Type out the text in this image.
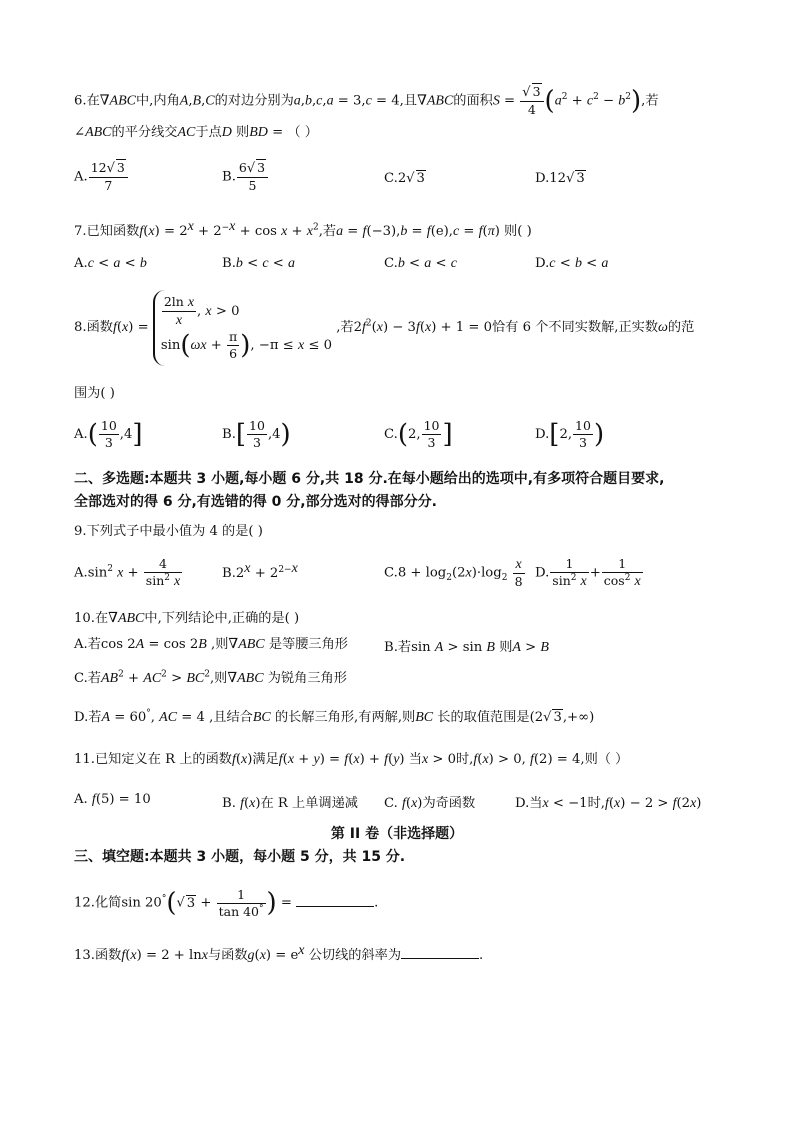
6.在∇ABC中,内角A,B,C的对边分别为a,b,c,a = 3,c = 4,且∇ABC的面积$S = \frac{√ 3}{4} (a^2 + c^2 - b^2)$,若
∠ABC的平分线交AC于点D 则BD = （ ）
A. $\frac{12√ 3}{7}$	B. $\frac{6√ 3}{5}$	C.2√ 3	D.12√ 3
7.已知函数$f(x) = 2^x + 2^{-x} + \cos x + x^2$,若a = f(−3),b = f(e),c = f(π) 则( )
A.c < a < b	B.b < c < a	C.b < a < c	D.c < b < a
8.函数$f(x) = \frac{\text{2ln x}}{x}$ , x > 0
$\sin(\omega x + \frac{\pi}{6}$ ), −π ≤ x ≤ 0
,若$2f^2(x) - 3f(x) + 1 = 0$恰有 6 个不同实数解,正实数ω的范
围为( )
$A.( \frac{10}{3} ,4]$	$B.[ \frac{10}{3} ,4)$	C.(2, $\frac{10}{3}$ ]	D.[2, $\frac{10}{3}$ )
二、多选题:本题共 3 小题,每小题 6 分,共 18 分.在每小题给出的选项中,有多项符合题目要求,
全部选对的得 6 分,有选错的得 0 分,部分选对的得部分分.
9.下列式子中最小值为 4 的是( )
$A.\sin^2$ $x + \frac{4}{\sin^2 x}$	$B.2^x + 2^{2-x}$	$C.8 + \log_2(2x)\cdot\log_2 \frac{x}{8} D$. $\frac{1}{\sin^2 x} + \frac{1}{\cos^2 x}$
10.在∇ABC中,下列结论中,正确的是( )
A.若cos 2A = cos 2B ,则∇ABC 是等腰三角形	B.若sin A > sin B 则A > B
C.若$AB^2 + AC^2 > BC^2$,则∇ABC 为锐角三角形
D.若A = 60°, AC = 4 ,且结合BC 的长解三角形,有两解,则BC 长的取值范围是(2√ 3,+∞)
11.已知定义在 R 上的函数f(x)满足f(x + y) = f(x) + f(y) 当x > 0时,f(x) > 0, f(2) = 4,则（ ）
A. f(5) = 10	B. f(x)在 R 上单调递减 C. f(x)为奇函数	D.当x < −1时,f(x) − 2 > f(2x)
第 II 卷（非选择题）
三、填空题:本题共 3 小题，每小题 5 分，共 15 分.
12.化简sin 20°(√ $3 + \frac{1}{\tan 40^\circ}$ ) =	.
13.函数f(x) = 2 + lnx与函数$g(x) = e^x$ 公切线的斜率为	.
